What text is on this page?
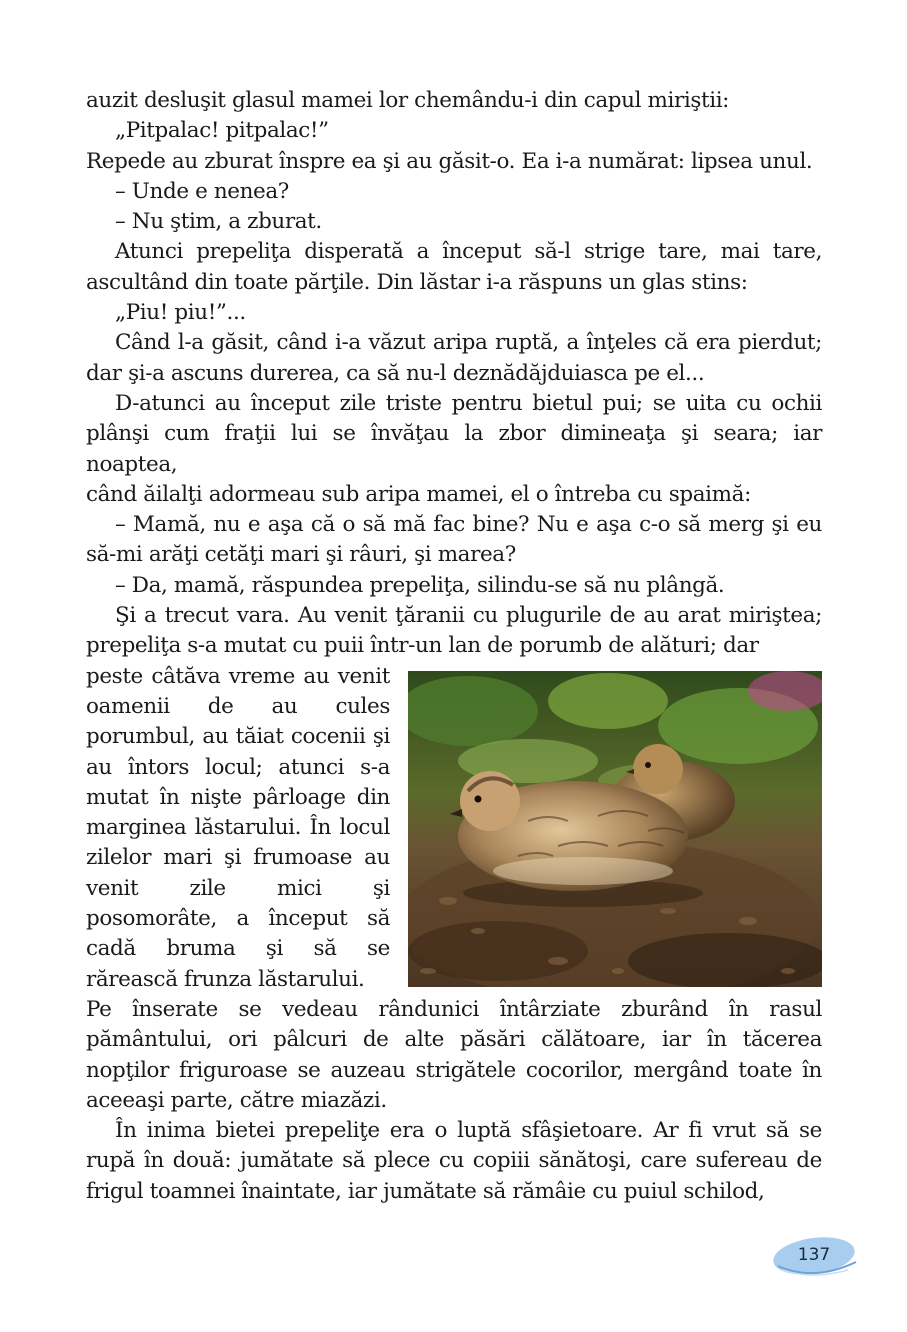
auzit desluşit glasul mamei lor chemându-i din capul miriştii:

„Pitpalac! pitpalac!”

Repede au zburat înspre ea şi au găsit-o. Ea i-a numărat: lipsea unul.

– Unde e nenea?

– Nu ştim, a zburat.

Atunci prepeliţa disperată a început să-l strige tare, mai tare, ascultând din toate părţile. Din lăstar i-a răspuns un glas stins:

„Piu! piu!”...

Când l-a găsit, când i-a văzut aripa ruptă, a înţeles că era pierdut; dar şi-a ascuns durerea, ca să nu-l deznădăjduiasca pe el...

D-atunci au început zile triste pentru bietul pui; se uita cu ochii plânşi cum fraţii lui se învăţau la zbor dimineaţa şi seara; iar noaptea,

când ăilalţi adormeau sub aripa mamei, el o întreba cu spaimă:

– Mamă, nu e aşa că o să mă fac bine? Nu e aşa c-o să merg şi eu să-mi arăţi cetăţi mari şi râuri, şi marea?

– Da, mamă, răspundea prepeliţa, silindu-se să nu plângă.

Şi a trecut vara. Au venit ţăranii cu plugurile de au arat miriştea; prepeliţa s-a mutat cu puii într-un lan de porumb de alături; dar

peste câtăva vreme au venit oamenii de au cules porumbul, au tăiat cocenii şi au întors locul; atunci s-a mutat în nişte pârloage din marginea lăstarului. În locul zilelor mari şi frumoase au venit zile mici şi posomorâte, a început să cadă bruma şi să se rărească frunza lăstarului.

Pe înserate se vedeau rândunici întârziate zburând în rasul pământului, ori pâlcuri de alte păsări călătoare, iar în tăcerea nopţilor friguroase se auzeau strigătele cocorilor, mergând toate în aceeaşi parte, către miazăzi.

În inima bietei prepeliţe era o luptă sfâşietoare. Ar fi vrut să se rupă în două: jumătate să plece cu copiii sănătoşi, care sufereau de frigul toamnei înaintate, iar jumătate să rămâie cu puiul schilod,

137
